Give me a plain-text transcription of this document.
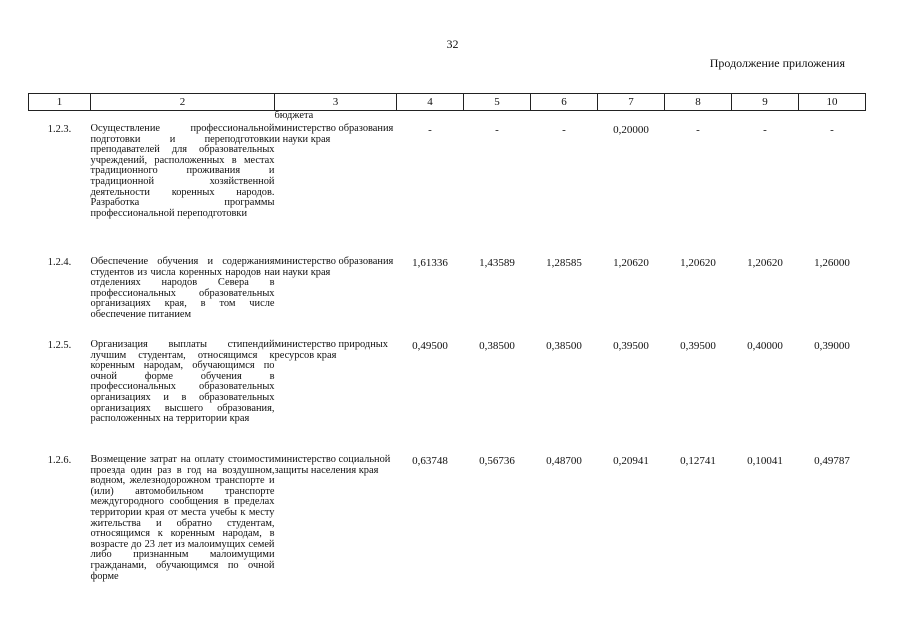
32
Продолжение приложения
1	2	3	4	5	6	7	8	9	10
		бюджета							
1.2.3.	Осуществление профессиональной подготовки и переподготовки преподавателей для образовательных учреждений, расположенных в местах традиционного проживания и традиционной хозяйственной деятельности коренных народов. Разработка программы профессиональной переподготовки	министерство образования и науки края	-	-	-	0,20000	-	-	-
1.2.4.	Обеспечение обучения и содержания студентов из числа коренных народов на отделениях народов Севера в профессиональных образовательных организациях края, в том числе обеспечение питанием	министерство образования и науки края	1,61336	1,43589	1,28585	1,20620	1,20620	1,20620	1,26000
1.2.5.	Организация выплаты стипендий лучшим студентам, относящимся к коренным народам, обучающимся по очной форме обучения в профессиональных образовательных организациях и в образовательных организациях высшего образования, расположенных на территории края	министерство природных ресурсов края	0,49500	0,38500	0,38500	0,39500	0,39500	0,40000	0,39000
1.2.6.	Возмещение затрат на оплату стоимости проезда один раз в год на воздушном, водном, железнодорожном транспорте и (или) автомобильном транспорте междугородного сообщения в пределах территории края от места учебы к месту жительства и обратно студентам, относящимся к коренным народам, в возрасте до 23 лет из малоимущих семей либо признанным малоимущими гражданами, обучающимся по очной форме	министерство социальной защиты населения края	0,63748	0,56736	0,48700	0,20941	0,12741	0,10041	0,49787
